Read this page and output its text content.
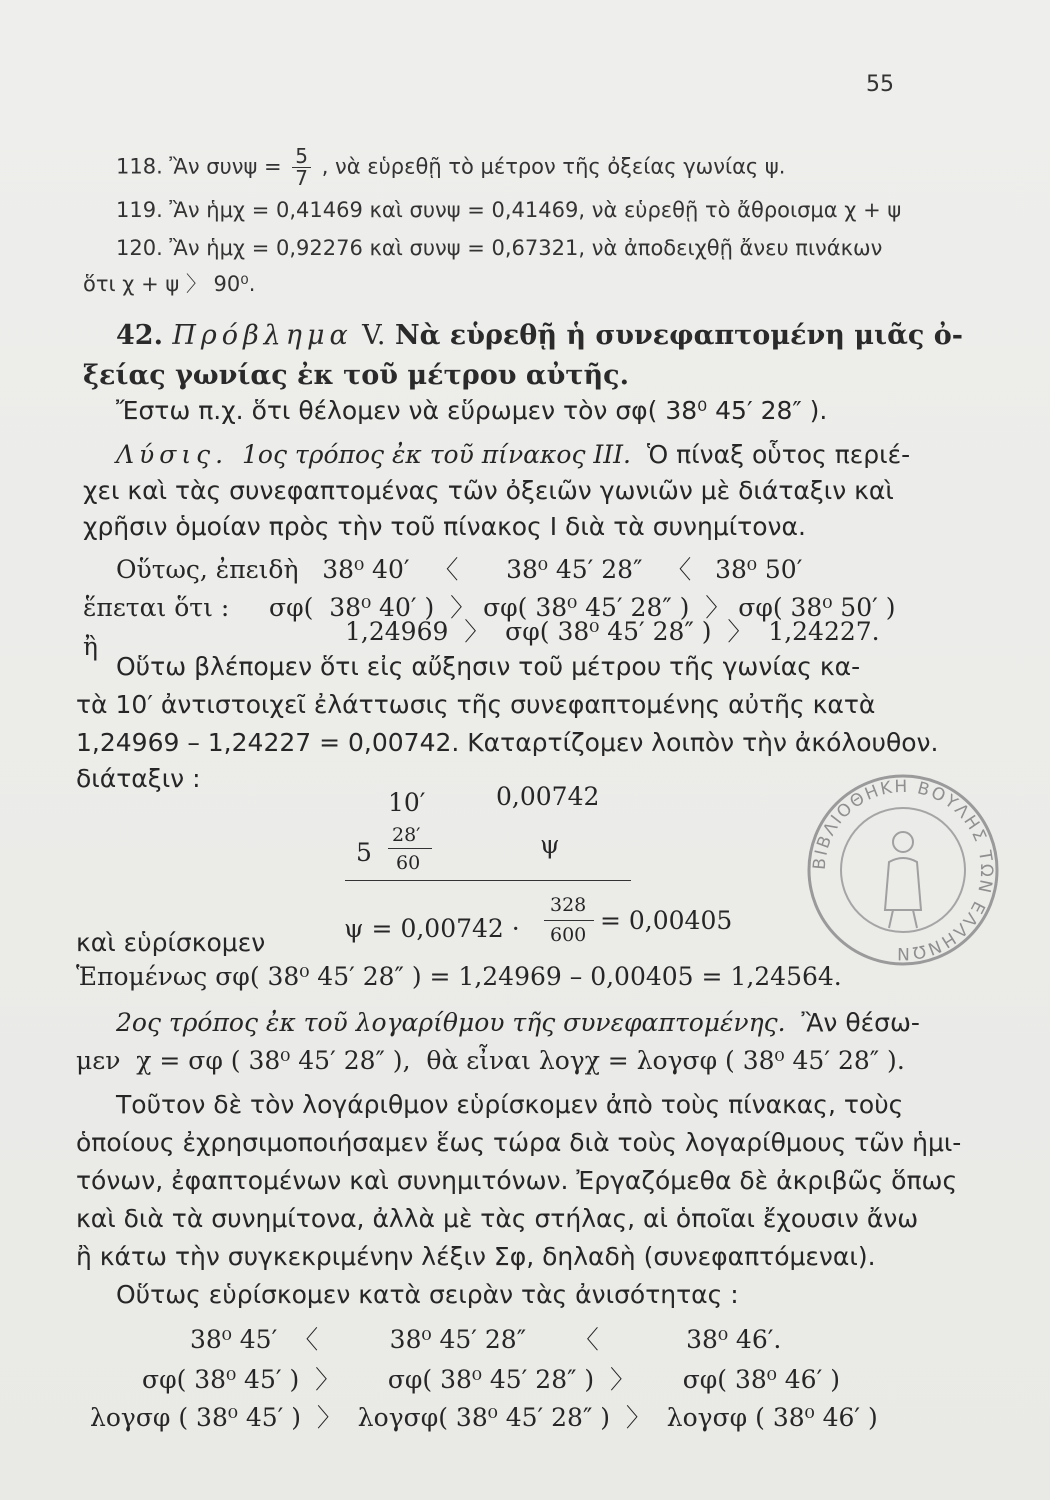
55
118. Ἂν $\sigma\upsilon\nu\psi = \frac{5}{7}$ , νὰ εὑρεθῇ τὸ μέτρον τῆς ὀξείας γωνίας ψ.
119. Ἂν ἡμχ = 0,41469 καὶ συνψ = 0,41469, νὰ εὑρεθῇ τὸ ἄθροισμα χ + ψ
120. Ἂν ἡμχ = 0,92276 καὶ συνψ = 0,67321, νὰ ἀποδειχθῇ ἄνευ πινάκων
ὅτι χ + ψ 〉 90⁰.
42. Πρόβλημα V. Νὰ εὑρεθῇ ἡ συνεφαπτομένη μιᾶς ὀ-
ξείας γωνίας ἐκ τοῦ μέτρου αὐτῆς.
Ἔστω π.χ. ὅτι θέλομεν νὰ εὕρωμεν τὸν σφ( 38⁰ 45′ 28″ ).
Λύσις. 1ος τρόπος ἐκ τοῦ πίνακος III. Ὁ πίναξ οὗτος περιέ-
χει καὶ τὰς συνεφαπτομένας τῶν ὀξειῶν γωνιῶν μὲ διάταξιν καὶ
χρῆσιν ὁμοίαν πρὸς τὴν τοῦ πίνακος I διὰ τὰ συνημίτονα.
Οὕτως, ἐπειδὴ   38⁰ 40′   〈      38⁰ 45′ 28″   〈   38⁰ 50′
ἕπεται ὅτι :     σφ(  38⁰ 40′ )  〉 σφ( 38⁰ 45′ 28″ )  〉 σφ( 38⁰ 50′ )
ἢ
1,24969  〉  σφ( 38⁰ 45′ 28″ )  〉  1,24227.
Οὕτω βλέπομεν ὅτι εἰς αὔξησιν τοῦ μέτρου τῆς γωνίας κα-
τὰ 10′ ἀντιστοιχεῖ ἐλάττωσις τῆς συνεφαπτομένης αὐτῆς κατὰ
1,24969 – 1,24227 = 0,00742. Καταρτίζομεν λοιπὸν τὴν ἀκόλουθον.
διάταξιν :
10′	0,00742
5
28′
60
ψ
καὶ εὑρίσκομεν	ψ = 0,00742 ·
328
600 = 0,00405
Ἑπομένως σφ( 38⁰ 45′ 28″ ) = 1,24969 – 0,00405 = 1,24564.
2ος τρόπος ἐκ τοῦ λογαρίθμου τῆς συνεφαπτομένης. Ἂν θέσω-
μεν  χ = σφ ( 38⁰ 45′ 28″ ),  θὰ εἶναι λογχ = λογσφ ( 38⁰ 45′ 28″ ).
Τοῦτον δὲ τὸν λογάριθμον εὑρίσκομεν ἀπὸ τοὺς πίνακας, τοὺς
ὁποίους ἐχρησιμοποιήσαμεν ἕως τώρα διὰ τοὺς λογαρίθμους τῶν ἡμι-
τόνων, ἐφαπτομένων καὶ συνημιτόνων. Ἐργαζόμεθα δὲ ἀκριβῶς ὅπως
καὶ διὰ τὰ συνημίτονα, ἀλλὰ μὲ τὰς στήλας, αἱ ὁποῖαι ἔχουσιν ἄνω
ἢ κάτω τὴν συγκεκριμένην λέξιν Σφ, δηλαδὴ (συνεφαπτόμεναι).
Οὕτως εὑρίσκομεν κατὰ σειρὰν τὰς ἀνισότητας :
38⁰ 45′  〈         38⁰ 45′ 28″      〈           38⁰ 46′.
σφ( 38⁰ 45′ )  〉      σφ( 38⁰ 45′ 28″ )  〉      σφ( 38⁰ 46′ )
λογσφ ( 38⁰ 45′ )  〉  λογσφ( 38⁰ 45′ 28″ )  〉  λογσφ ( 38⁰ 46′ )
ΒΙΒΛΙΟΘΗΚΗ ΒΟΥΛΗΣ ΤΩΝ ΕΛΛΗΝΩΝ
